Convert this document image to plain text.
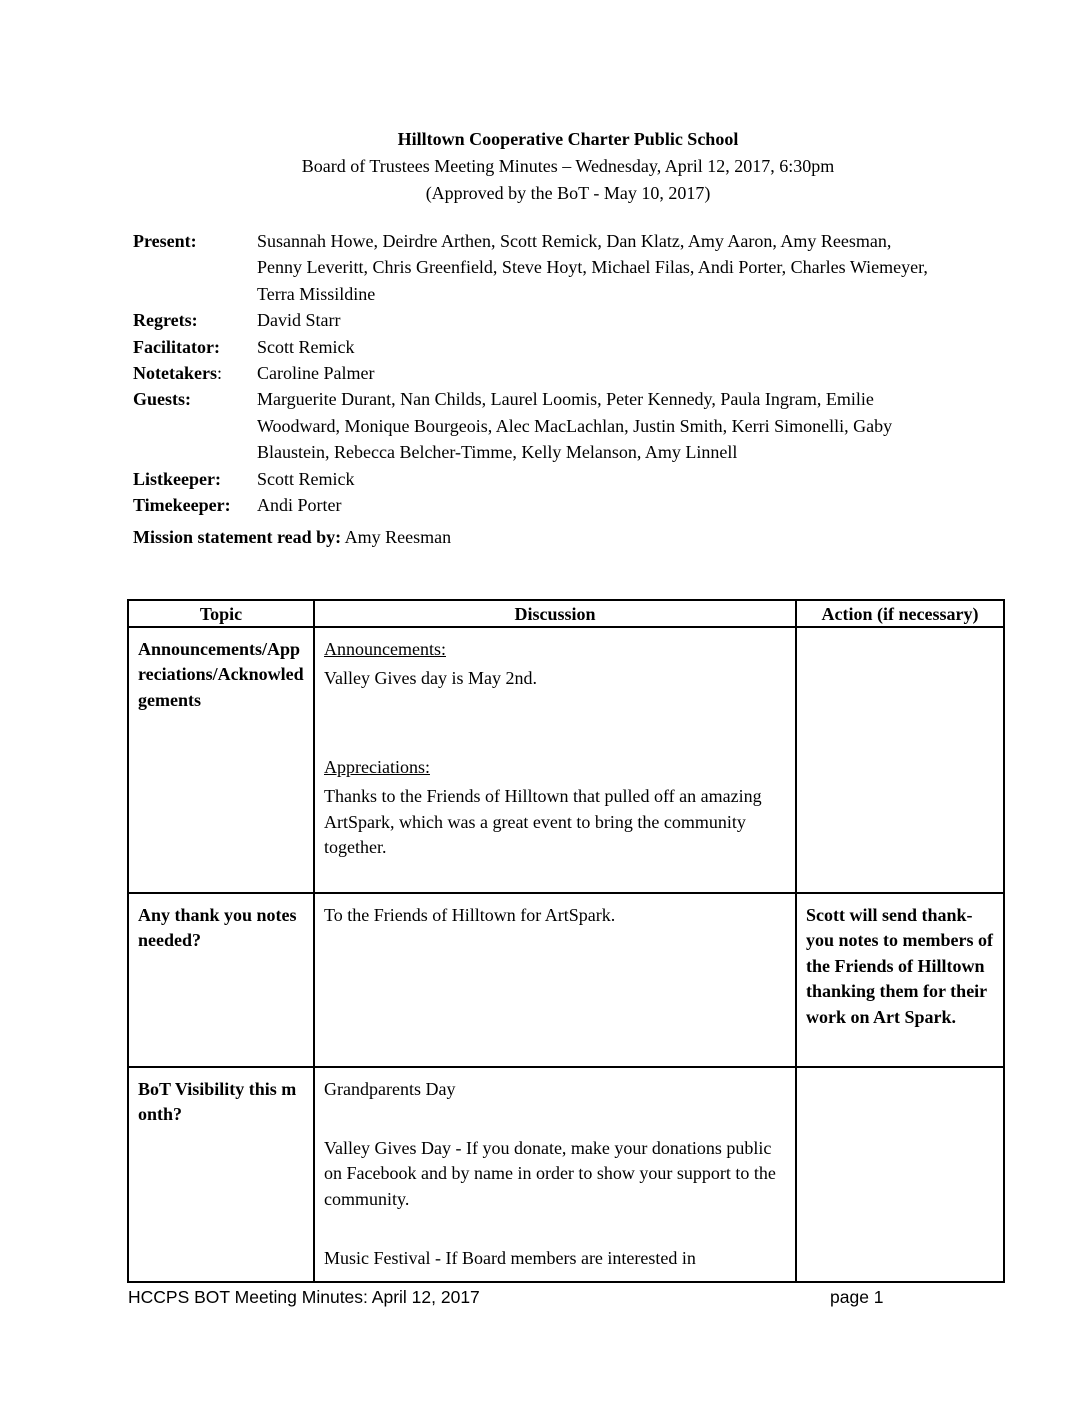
Hilltown Cooperative Charter Public School
Board of Trustees Meeting Minutes – Wednesday, April 12, 2017, 6:30pm
(Approved by the BoT - May 10, 2017)
Present:	Susannah Howe, Deirdre Arthen, Scott Remick, Dan Klatz, Amy Aaron, Amy Reesman,
Penny Leveritt, Chris Greenfield, Steve Hoyt, Michael Filas, Andi Porter, Charles Wiemeyer,
Terra Missildine
Regrets:	David Starr
Facilitator:	Scott Remick
Notetakers:	Caroline Palmer
Guests:	Marguerite Durant, Nan Childs, Laurel Loomis, Peter Kennedy, Paula Ingram, Emilie
Woodward, Monique Bourgeois, Alec MacLachlan, Justin Smith, Kerri Simonelli, Gaby
Blaustein, Rebecca Belcher-Timme, Kelly Melanson, Amy Linnell
Listkeeper:	Scott Remick
Timekeeper:	Andi Porter
Mission statement read by: Amy Reesman
Topic	Discussion	Action (if necessary)
Announcements/Appreciations/Acknowledgements	Announcements:

Valley Gives day is May 2nd.

Appreciations:

Thanks to the Friends of Hilltown that pulled off an amazing ArtSpark, which was a great event to bring the community together.	

Any thank you notes needed?	To the Friends of Hilltown for ArtSpark.	Scott will send thank-you notes to members of the Friends of Hilltown thanking them for their work on Art Spark.
BoT Visibility this month?	Grandparents Day

Valley Gives Day - If you donate, make your donations public on Facebook and by name in order to show your support to the community.

Music Festival - If Board members are interested in	

HCCPS BOT Meeting Minutes: April 12, 2017	page 1
